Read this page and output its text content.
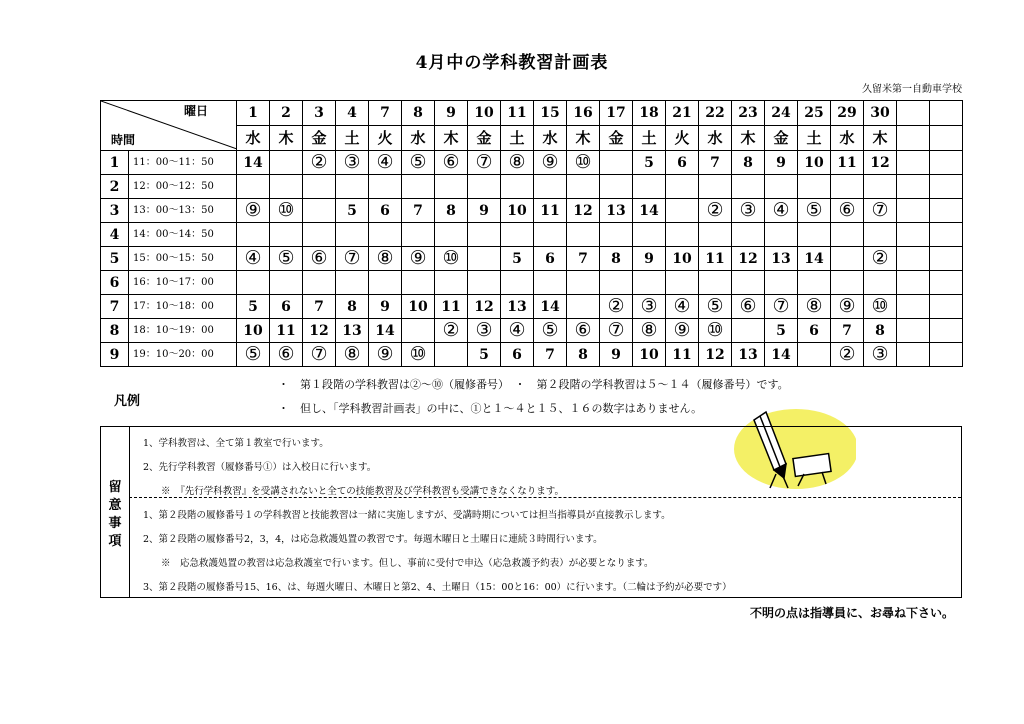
4月中の学科教習計画表
久留米第一自動車学校
曜日
時間		1	2	3	4	7	8	9	10	11	15	16	17	18	21	22	23	24	25	29	30		
		水	木	金	土	火	水	木	金	土	水	木	金	土	火	水	木	金	土	水	木		
1	11：00～11：50	14		②	③	④	⑤	⑥	⑦	⑧	⑨	⑩		5	6	7	8	9	10	11	12		
2	12：00～12：50																						
3	13：00～13：50	⑨	⑩		5	6	7	8	9	10	11	12	13	14		②	③	④	⑤	⑥	⑦		
4	14：00～14：50																						
5	15：00～15：50	④	⑤	⑥	⑦	⑧	⑨	⑩		5	6	7	8	9	10	11	12	13	14		②		
6	16：10～17：00																						
7	17：10～18：00	5	6	7	8	9	10	11	12	13	14		②	③	④	⑤	⑥	⑦	⑧	⑨	⑩		
8	18：10～19：00	10	11	12	13	14		②	③	④	⑤	⑥	⑦	⑧	⑨	⑩		5	6	7	8		
9	19：10～20：00	⑤	⑥	⑦	⑧	⑨	⑩		5	6	7	8	9	10	11	12	13	14		②	③		
凡例
・　第１段階の学科教習は②～⑩（履修番号）　・　第２段階の学科教習は５～１４（履修番号）です。
・　但し、「学科教習計画表」の中に、①と１～４と１５、１６の数字はありません。
留
意
事
項
1、学科教習は、全て第１教室で行います。
2、先行学科教習（履修番号①）は入校日に行います。
※　『先行学科教習』を受講されないと全ての技能教習及び学科教習も受講できなくなります。
1、第２段階の履修番号１の学科教習と技能教習は一緒に実施しますが、受講時期については担当指導員が直接教示します。
2、第２段階の履修番号2，3，4，は応急救護処置の教習です。毎週木曜日と土曜日に連続３時間行います。
※　応急救護処置の教習は応急救護室で行います。但し、事前に受付で申込（応急救護予約表）が必要となります。
3、第２段階の履修番号15、16、は、毎週火曜日、木曜日と第2、4、土曜日（15：00と16：00）に行います。（二輪は予約が必要です）
不明の点は指導員に、お尋ね下さい。
